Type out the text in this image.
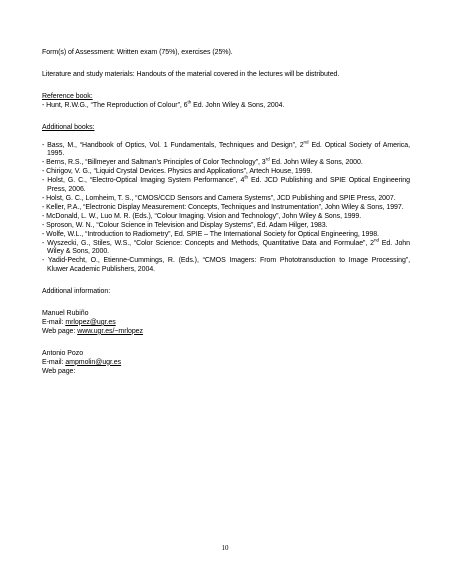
Form(s) of Assessment: Written exam (75%), exercises (25%).

Literature and study materials: Handouts of the material covered in the lectures will be distributed.

Reference book:

- Hunt, R.W.G., “The Reproduction of Colour”, 6th Ed. John Wiley & Sons, 2004.

Additional books:

- Bass, M., “Handbook of Optics, Vol. 1 Fundamentals, Techniques and Design”, 2nd Ed. Optical Society of America, 1995.

- Berns, R.S., “Billmeyer and Saltman’s Principles of Color Technology”, 3rd Ed. John Wiley & Sons, 2000.

- Chirigov, V. G., “Liquid Crystal Devices. Physics and Applications”, Artech House, 1999.

- Holst, G. C., “Electro-Optical Imaging System Performance”, 4th Ed. JCD Publishing and SPIE Optical Engineering Press, 2006.

- Holst, G. C., Lomheim, T. S., “CMOS/CCD Sensors and Camera Systems”, JCD Publishing and SPIE Press, 2007.

- Keller, P.A., “Electronic Display Measurement: Concepts, Techniques and Instrumentation”, John Wiley & Sons, 1997.

- McDonald, L. W., Luo M. R. (Eds.), “Colour Imaging. Vision and Technology”, John Wiley & Sons, 1999.

- Sproson, W. N., “Colour Science in Television and Display Systems”, Ed. Adam Hilger, 1983.

- Wolfe, W.L., “Introduction to Radiometry”, Ed. SPIE – The International Society for Optical Engineering, 1998.

- Wyszecki, G., Stiles, W.S., “Color Science: Concepts and Methods, Quantitative Data and Formulae”, 2nd Ed. John Wiley & Sons, 2000.

- Yadid-Pecht, O., Etienne-Cummings, R. (Eds.), “CMOS Imagers: From Phototransduction to Image Processing”, Kluwer Academic Publishers, 2004.

Additional information:

Manuel Rubiño

E-mail: mrlopez@ugr.es

Web page: www.ugr.es/~mrlopez

Antonio Pozo

E-mail: ampmolin@ugr.es

Web page:

10
